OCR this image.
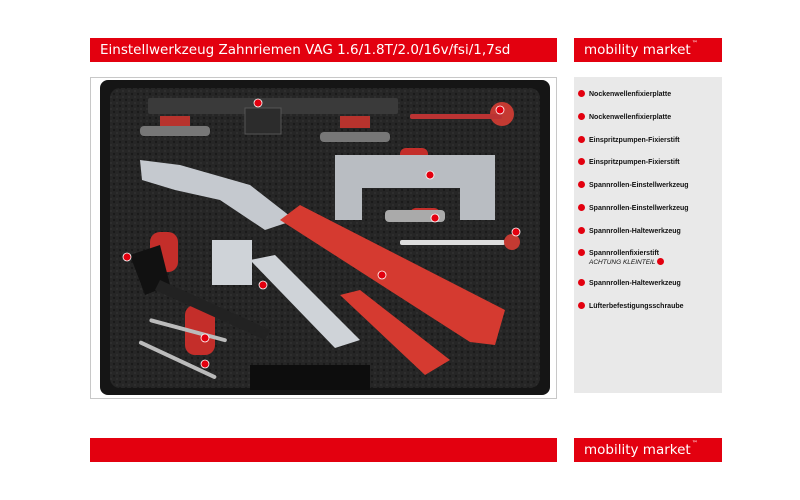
Einstellwerkzeug Zahnriemen VAG 1.6/1.8T/2.0/16v/fsi/1,7sd	mobility market™
Nockenwellenfixierplatte
Nockenwellenfixierplatte
Einspritzpumpen-Fixierstift
Einspritzpumpen-Fixierstift
Spannrollen-Einstellwerkzeug
Spannrollen-Einstellwerkzeug
Spannrollen-Haltewerkzeug
Spannrollenfixierstift
ACHTUNG KLEINTEIL
Spannrollen-Haltewerkzeug
Lüfterbefestigungsschraube
mobility market™
